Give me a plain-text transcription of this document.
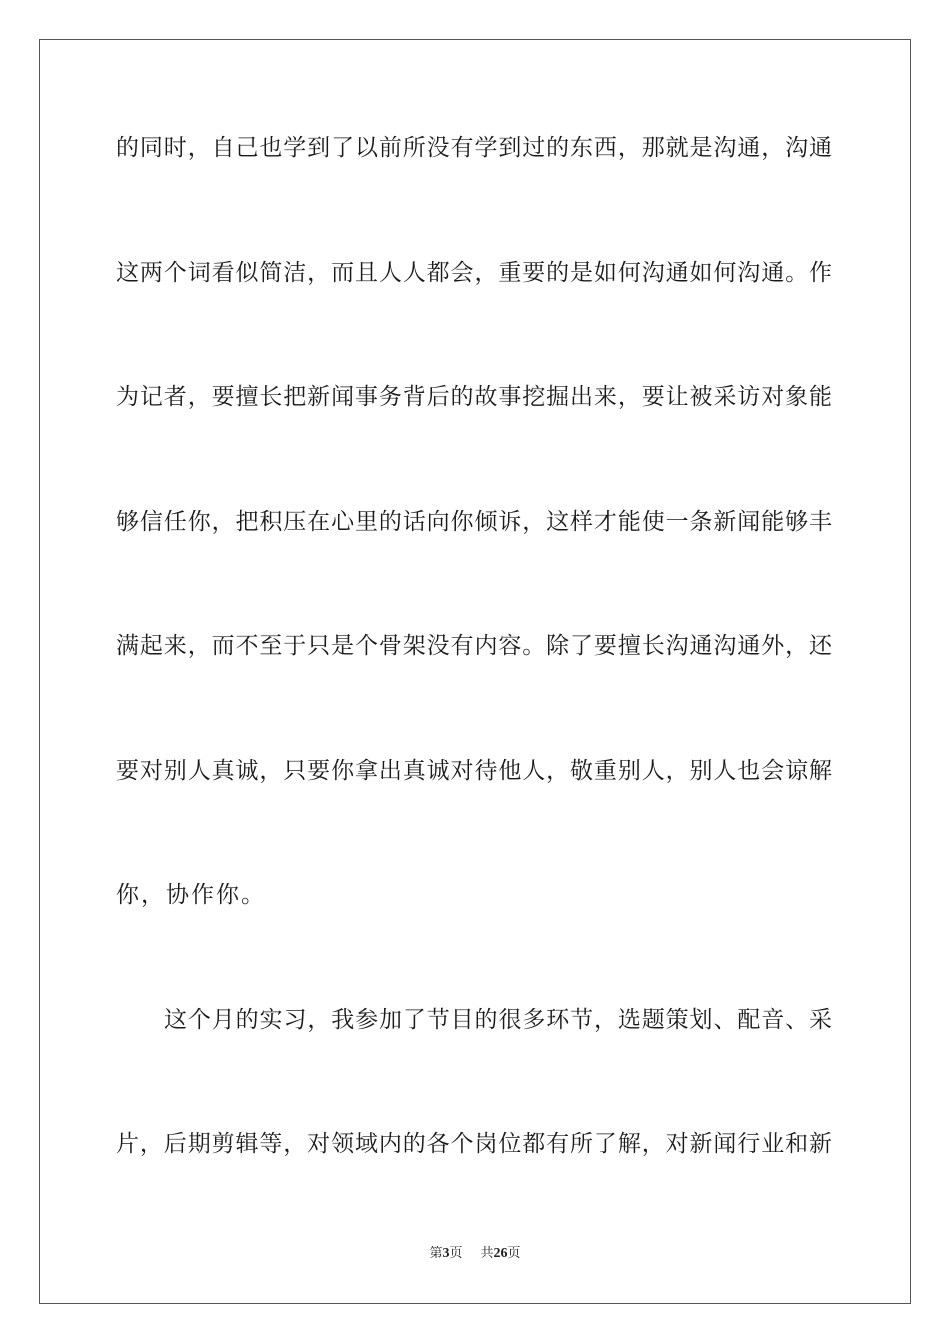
的同时，自己也学到了以前所没有学到过的东西，那就是沟通，沟通
这两个词看似简洁，而且人人都会，重要的是如何沟通如何沟通。作
为记者，要擅长把新闻事务背后的故事挖掘出来，要让被采访对象能
够信任你，把积压在心里的话向你倾诉，这样才能使一条新闻能够丰
满起来，而不至于只是个骨架没有内容。除了要擅长沟通沟通外，还
要对别人真诚，只要你拿出真诚对待他人，敬重别人，别人也会谅解
你，协作你。
这个月的实习，我参加了节目的很多环节，选题策划、配音、采
片，后期剪辑等，对领域内的各个岗位都有所了解，对新闻行业和新
第3页 共26页
